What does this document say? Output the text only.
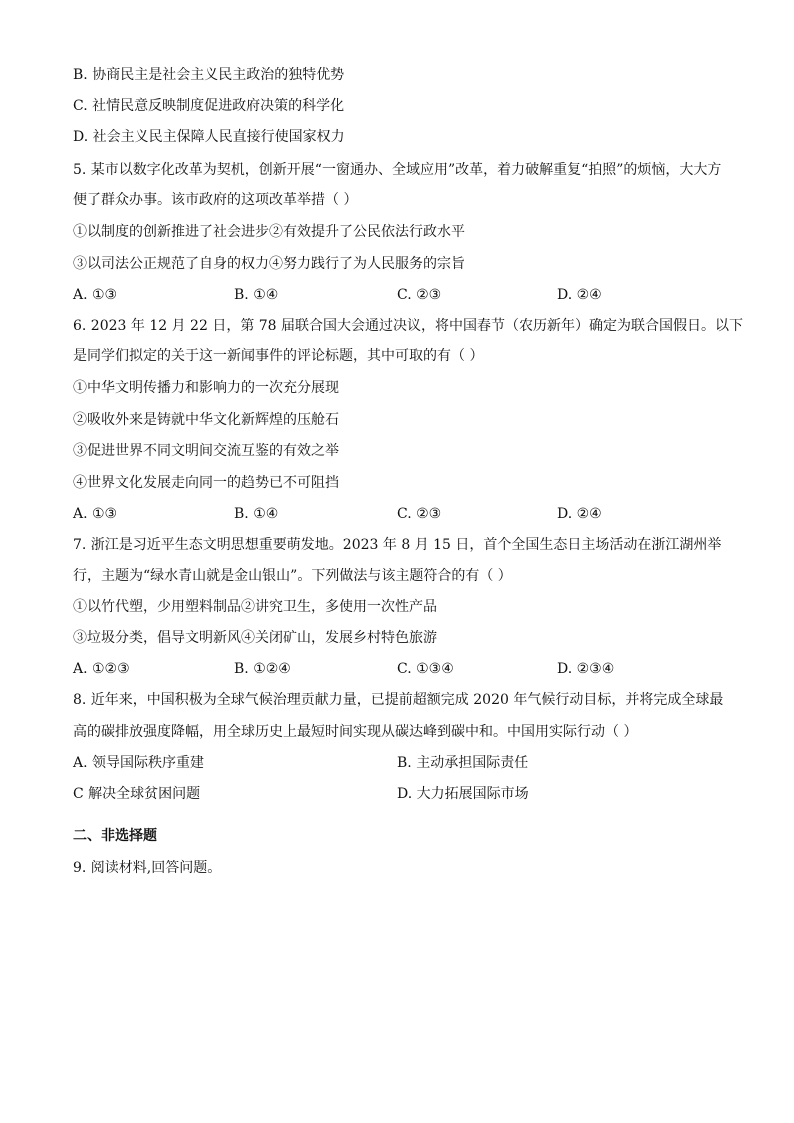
B. 协商民主是社会主义民主政治的独特优势
C. 社情民意反映制度促进政府决策的科学化
D. 社会主义民主保障人民直接行使国家权力
5. 某市以数字化改革为契机，创新开展“一窗通办、全域应用”改革，着力破解重复“拍照”的烦恼，大大方
便了群众办事。该市政府的这项改革举措（ ）
①以制度的创新推进了社会进步②有效提升了公民依法行政水平
③以司法公正规范了自身的权力④努力践行了为人民服务的宗旨
A. ①③	B. ①④	C. ②③	D. ②④
6. 2023 年 12 月 22 日，第 78 届联合国大会通过决议，将中国春节（农历新年）确定为联合国假日。以下
是同学们拟定的关于这一新闻事件的评论标题，其中可取的有（ ）
①中华文明传播力和影响力的一次充分展现
②吸收外来是铸就中华文化新辉煌的压舱石
③促进世界不同文明间交流互鉴的有效之举
④世界文化发展走向同一的趋势已不可阻挡
A. ①③	B. ①④	C. ②③	D. ②④
7. 浙江是习近平生态文明思想重要萌发地。2023 年 8 月 15 日，首个全国生态日主场活动在浙江湖州举
行，主题为“绿水青山就是金山银山”。下列做法与该主题符合的有（ ）
①以竹代塑，少用塑料制品②讲究卫生，多使用一次性产品
③垃圾分类，倡导文明新风④关闭矿山，发展乡村特色旅游
A. ①②③	B. ①②④	C. ①③④	D. ②③④
8. 近年来，中国积极为全球气候治理贡献力量，已提前超额完成 2020 年气候行动目标，并将完成全球最
高的碳排放强度降幅，用全球历史上最短时间实现从碳达峰到碳中和。中国用实际行动（ ）
A. 领导国际秩序重建	B. 主动承担国际责任
C 解决全球贫困问题	D. 大力拓展国际市场
二、非选择题
9. 阅读材料,回答问题。
